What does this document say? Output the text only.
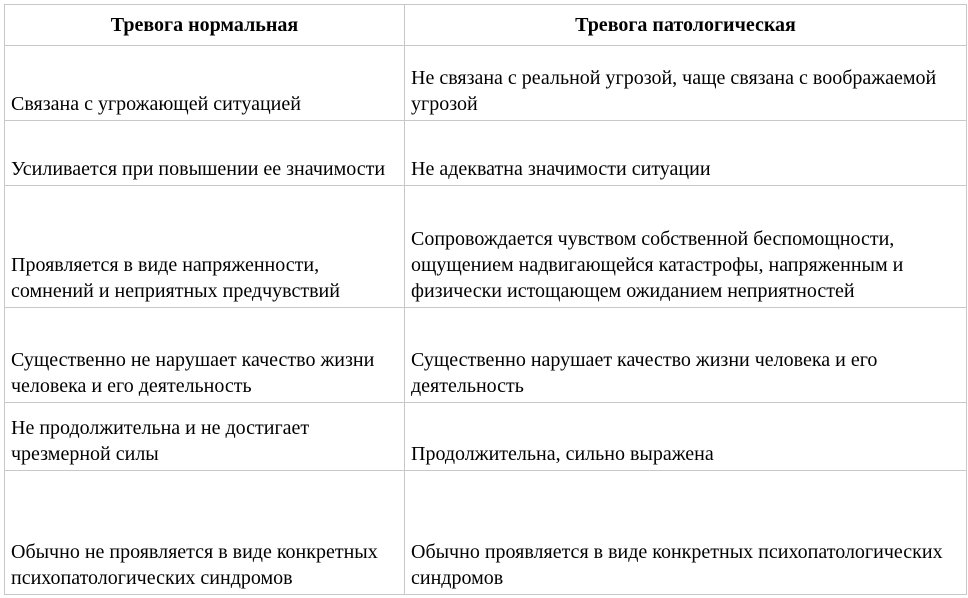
Тревога нормальная	Тревога патологическая
Связана с угрожающей ситуацией	Не связана с реальной угрозой, чаще связана с воображаемой угрозой
Усиливается при повышении ее значимости	Не адекватна значимости ситуации
Проявляется в виде напряженности, сомнений и неприятных предчувствий	Сопровождается чувством собственной беспомощности, ощущением надвигающейся катастрофы, напряженным и физически истощающем ожиданием неприятностей
Существенно не нарушает качество жизни человека и его деятельность	Существенно нарушает качество жизни человека и его деятельность
Не продолжительна и не достигает чрезмерной силы	Продолжительна, сильно выражена
Обычно не проявляется в виде конкретных психопатологических синдромов	Обычно проявляется в виде конкретных психопатологических синдромов
